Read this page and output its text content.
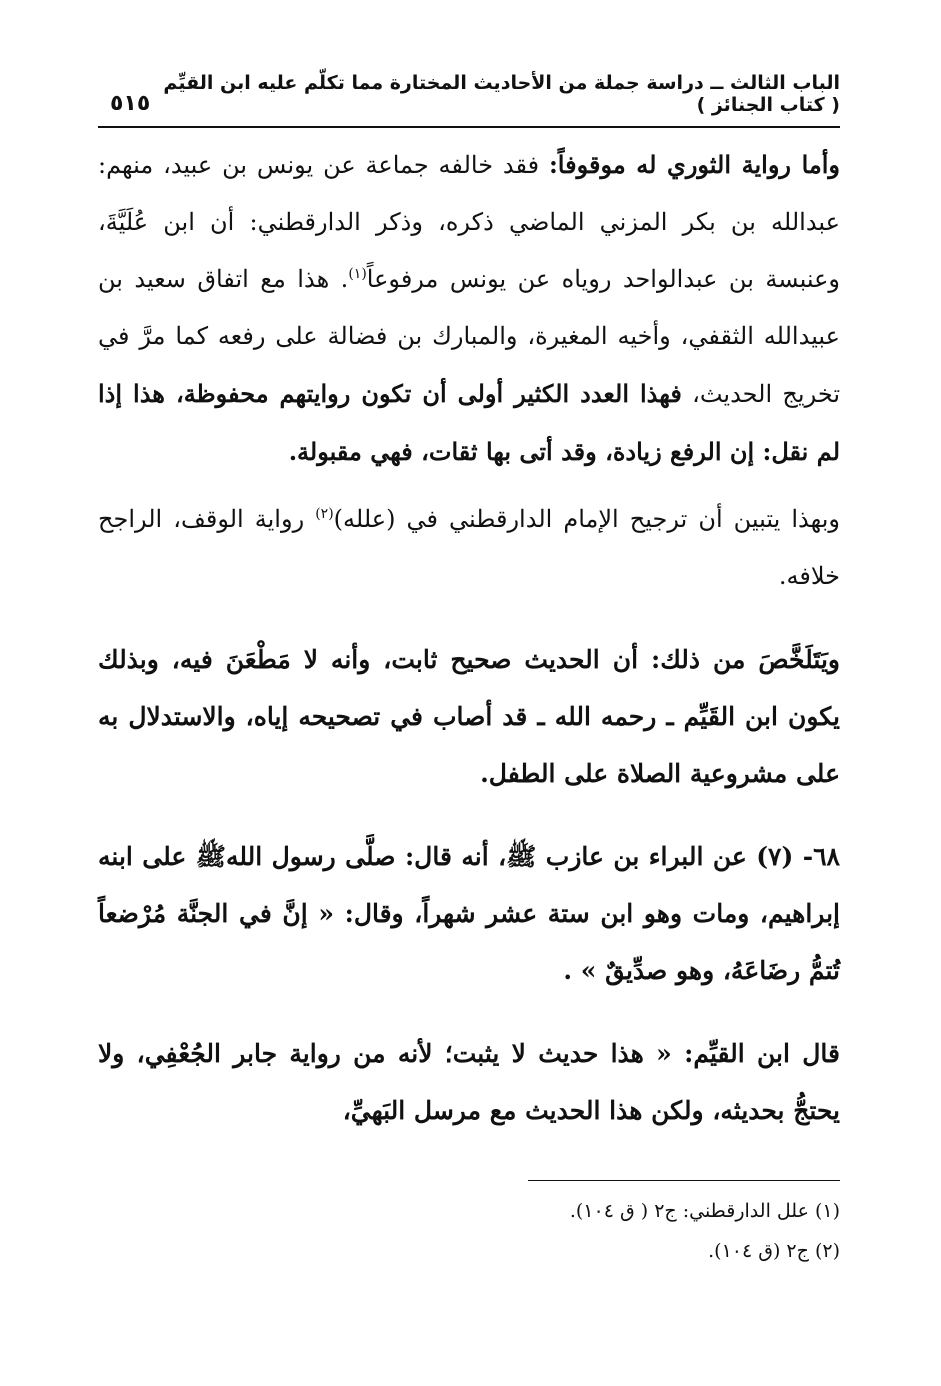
الباب الثالث ــ دراسة جملة من الأحاديث المختارة مما تكلّم عليه ابن القيِّم ( كتاب الجنائز )
٥١٥

وأما رواية الثوري له موقوفاً: فقد خالفه جماعة عن يونس بن عبيد، منهم: عبدالله بن بكر المزني الماضي ذكره، وذكر الدارقطني: أن ابن عُلَيَّةَ، وعنبسة بن عبدالواحد روياه عن يونس مرفوعاً$^{(١)}$. هذا مع اتفاق سعيد بن عبيدالله الثقفي، وأخيه المغيرة، والمبارك بن فضالة على رفعه كما مرَّ في تخريج الحديث، فهذا العدد الكثير أولى أن تكون روايتهم محفوظة، هذا إذا لم نقل: إن الرفع زيادة، وقد أتى بها ثقات، فهي مقبولة.

وبهذا يتبين أن ترجيح الإمام الدارقطني في (علله)$^{(٢)}$ رواية الوقف، الراجح خلافه.

ويَتَلَخَّصَ من ذلك: أن الحديث صحيح ثابت، وأنه لا مَطْعَنَ فيه، وبذلك يكون ابن القَيِّم ـ رحمه الله ـ قد أصاب في تصحيحه إياه، والاستدلال به على مشروعية الصلاة على الطفل.

٦٨- (٧) عن البراء بن عازب ﷺ، أنه قال: صلَّى رسول اللهﷺ على ابنه إبراهيم، ومات وهو ابن ستة عشر شهراً، وقال: « إنَّ في الجنَّة مُرْضعاً تُتمُّ رضَاعَهُ، وهو صدِّيقٌ » .

قال ابن القيِّم: « هذا حديث لا يثبت؛ لأنه من رواية جابر الجُعْفِي، ولا يحتجُّ بحديثه، ولكن هذا الحديث مع مرسل البَهيِّ،

(١) علل الدارقطني: ج٢ ( ق ١٠٤).

(٢) ج٢ (ق ١٠٤).
